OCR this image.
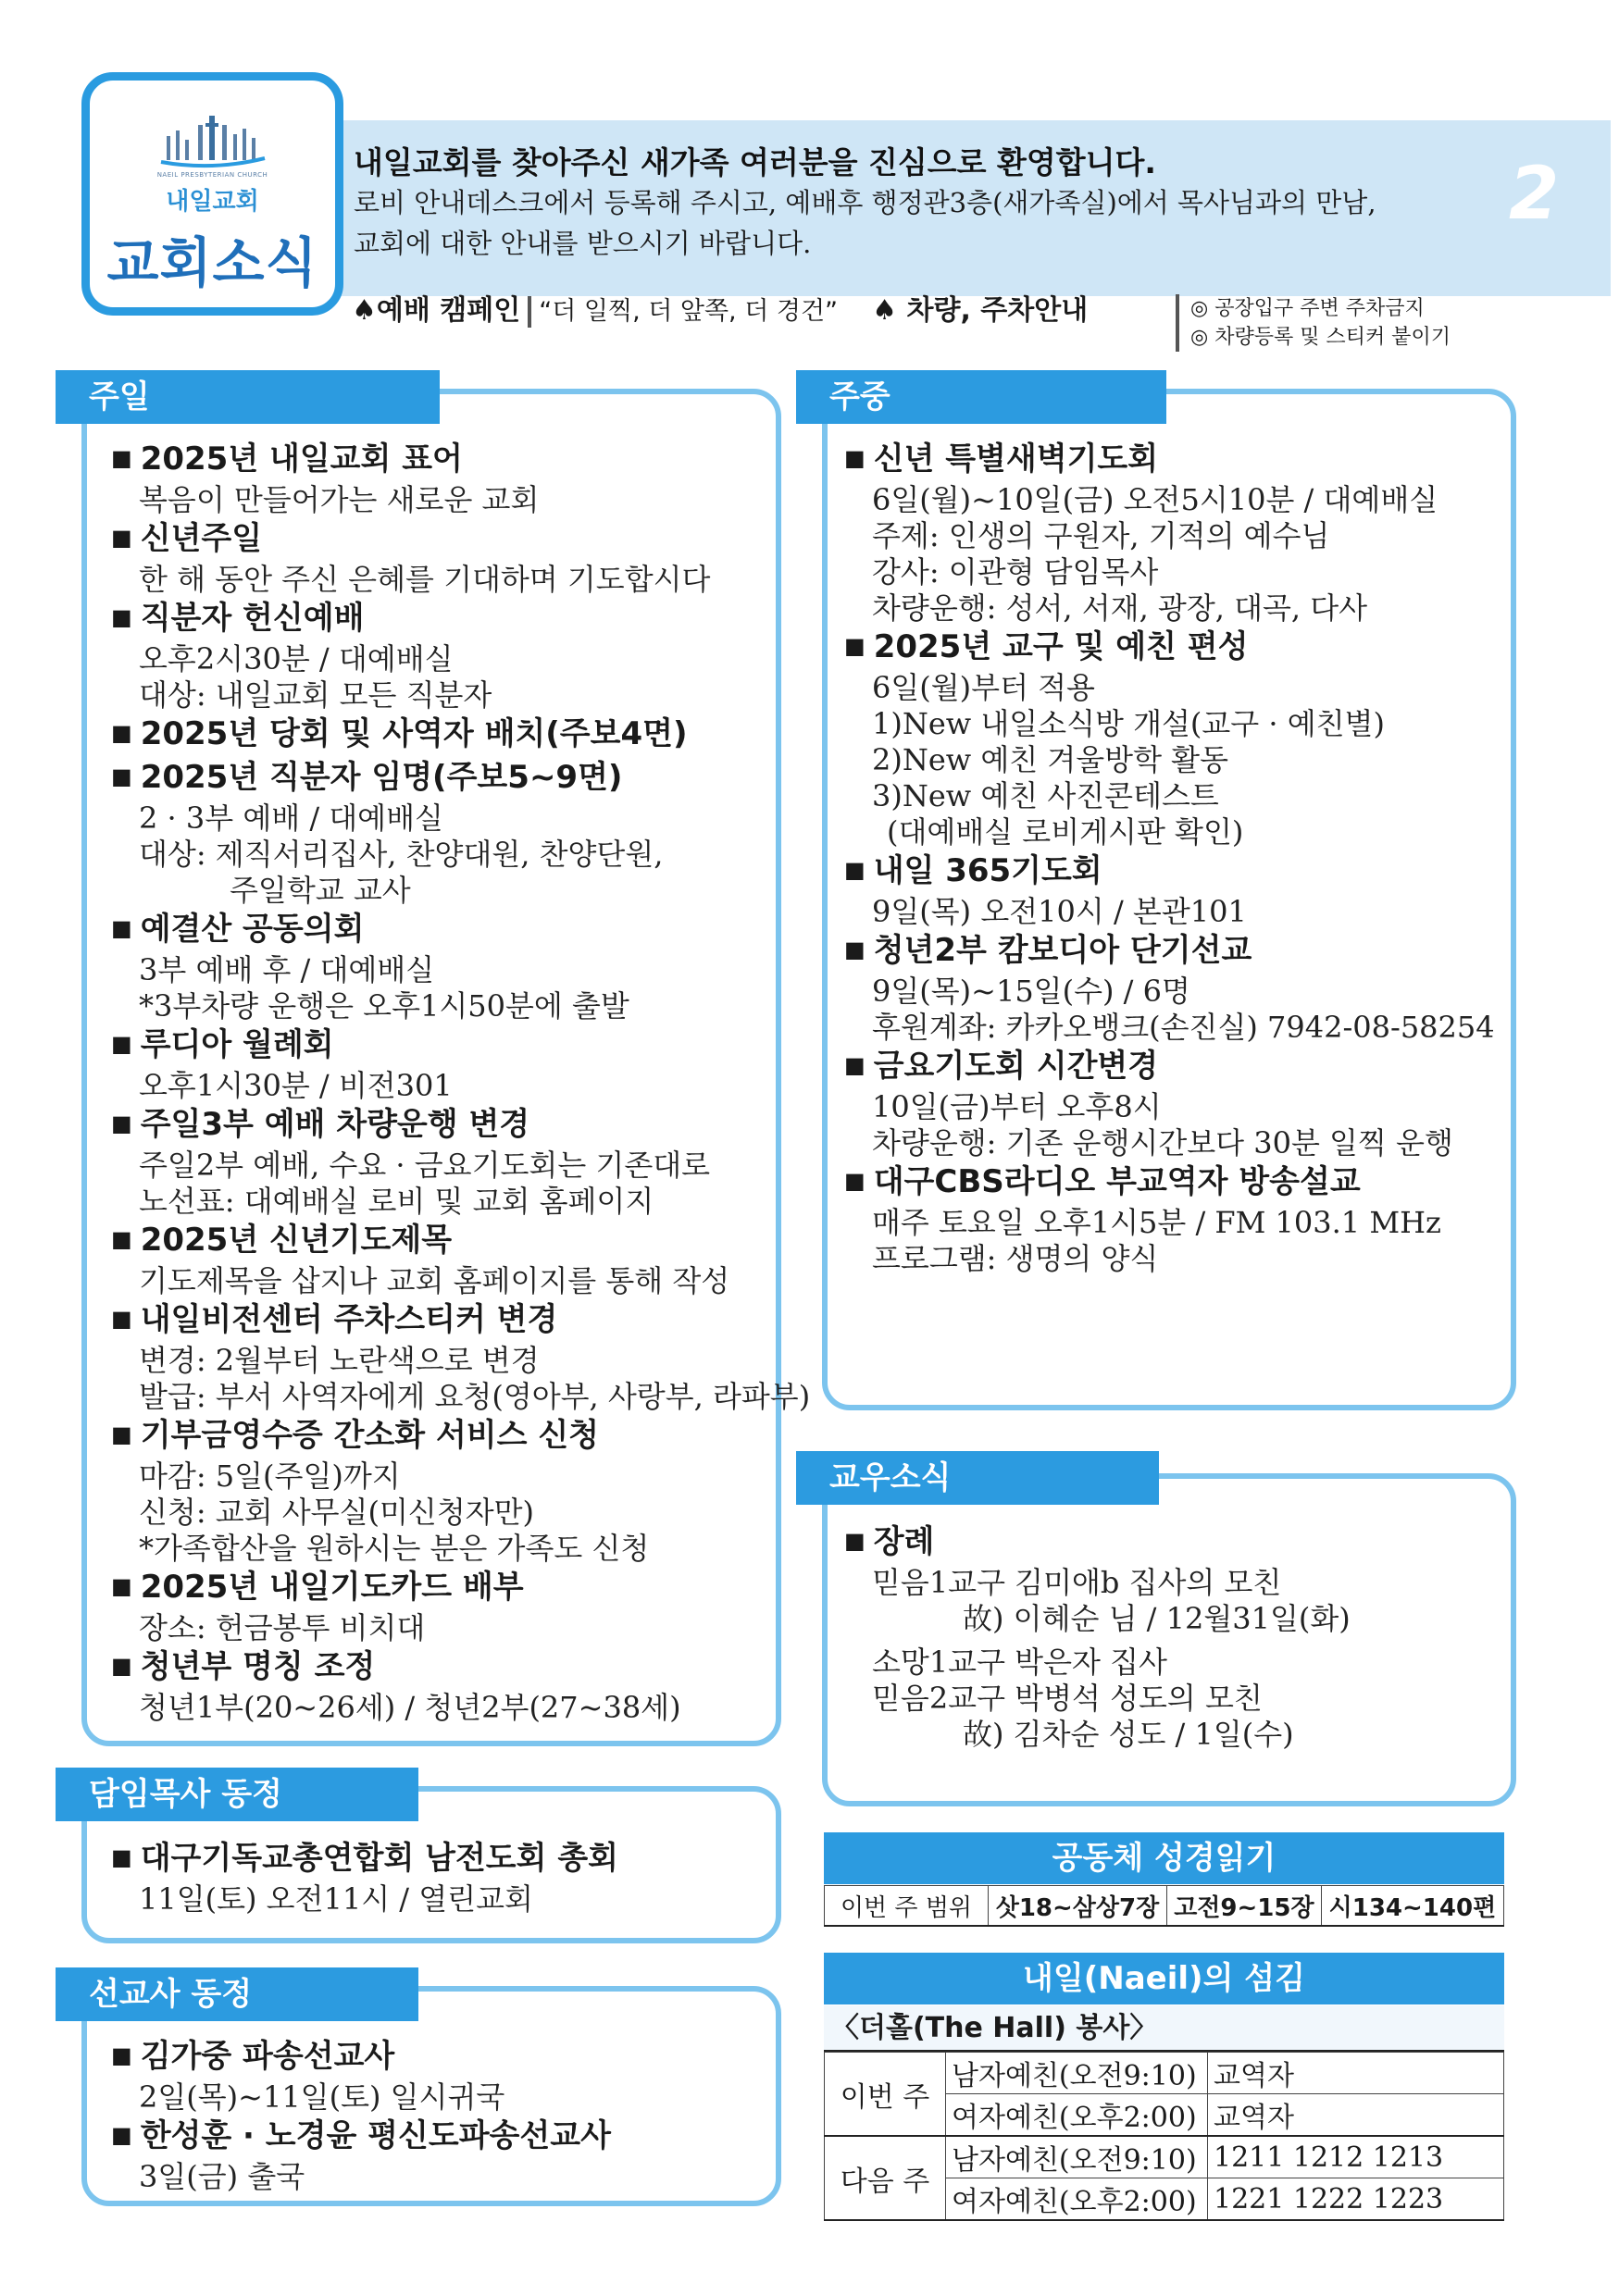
NAEIL PRESBYTERIAN CHURCH
내일교회
교회소식
내일교회를 찾아주신 새가족 여러분을 진심으로 환영합니다.
로비 안내데스크에서 등록해 주시고, 예배후 행정관3층(새가족실)에서 목사님과의 만남,
교회에 대한 안내를 받으시기 바랍니다.
2
♠예배 캠페인 “더 일찍, 더 앞쪽, 더 경건” ♠ 차량, 주차안내	◎ 공장입구 주변 주차금지
◎ 차량등록 및 스티커 붙이기
주일
■ 2025년 내일교회 표어
복음이 만들어가는 새로운 교회
■ 신년주일
한 해 동안 주신 은혜를 기대하며 기도합시다
■ 직분자 헌신예배
오후2시30분 / 대예배실
대상: 내일교회 모든 직분자
■ 2025년 당회 및 사역자 배치(주보4면)
■ 2025년 직분자 임명(주보5~9면)
2 · 3부 예배 / 대예배실
대상: 제직서리집사, 찬양대원, 찬양단원,
주일학교 교사
■ 예결산 공동의회
3부 예배 후 / 대예배실
*3부차량 운행은 오후1시50분에 출발
■ 루디아 월례회
오후1시30분 / 비전301
■ 주일3부 예배 차량운행 변경
주일2부 예배, 수요 · 금요기도회는 기존대로
노선표: 대예배실 로비 및 교회 홈페이지
■ 2025년 신년기도제목
기도제목을 삽지나 교회 홈페이지를 통해 작성
■ 내일비전센터 주차스티커 변경
변경: 2월부터 노란색으로 변경
발급: 부서 사역자에게 요청(영아부, 사랑부, 라파부)
■ 기부금영수증 간소화 서비스 신청
마감: 5일(주일)까지
신청: 교회 사무실(미신청자만)
*가족합산을 원하시는 분은 가족도 신청
■ 2025년 내일기도카드 배부
장소: 헌금봉투 비치대
■ 청년부 명칭 조정
청년1부(20~26세) / 청년2부(27~38세)
주중
■ 신년 특별새벽기도회
6일(월)~10일(금) 오전5시10분 / 대예배실
주제: 인생의 구원자, 기적의 예수님
강사: 이관형 담임목사
차량운행: 성서, 서재, 광장, 대곡, 다사
■ 2025년 교구 및 예친 편성
6일(월)부터 적용
1)New 내일소식방 개설(교구 · 예친별)
2)New 예친 겨울방학 활동
3)New 예친 사진콘테스트
(대예배실 로비게시판 확인)
■ 내일 365기도회
9일(목) 오전10시 / 본관101
■ 청년2부 캄보디아 단기선교
9일(목)~15일(수) / 6명
후원계좌: 카카오뱅크(손진실) 7942-08-58254
■ 금요기도회 시간변경
10일(금)부터 오후8시
차량운행: 기존 운행시간보다 30분 일찍 운행
■ 대구CBS라디오 부교역자 방송설교
매주 토요일 오후1시5분 / FM 103.1 MHz
프로그램: 생명의 양식
담임목사 동정
■ 대구기독교총연합회 남전도회 총회
11일(토) 오전11시 / 열린교회
선교사 동정
■ 김가중 파송선교사
2일(목)~11일(토) 일시귀국
■ 한성훈 · 노경윤 평신도파송선교사
3일(금) 출국
교우소식
■ 장례
믿음1교구 김미애b 집사의 모친
故) 이혜순 님 / 12월31일(화)
소망1교구 박은자 집사
믿음2교구 박병석 성도의 모친
故) 김차순 성도 / 1일(수)
공동체 성경읽기
이번 주 범위	삿18~삼상7장	고전9~15장	시134~140편
내일(Naeil)의 섬김
〈더홀(The Hall) 봉사〉
이번 주	남자예친(오전9:10)	교역자
	여자예친(오후2:00)	교역자
다음 주	남자예친(오전9:10)	1211 1212 1213
	여자예친(오후2:00)	1221 1222 1223
